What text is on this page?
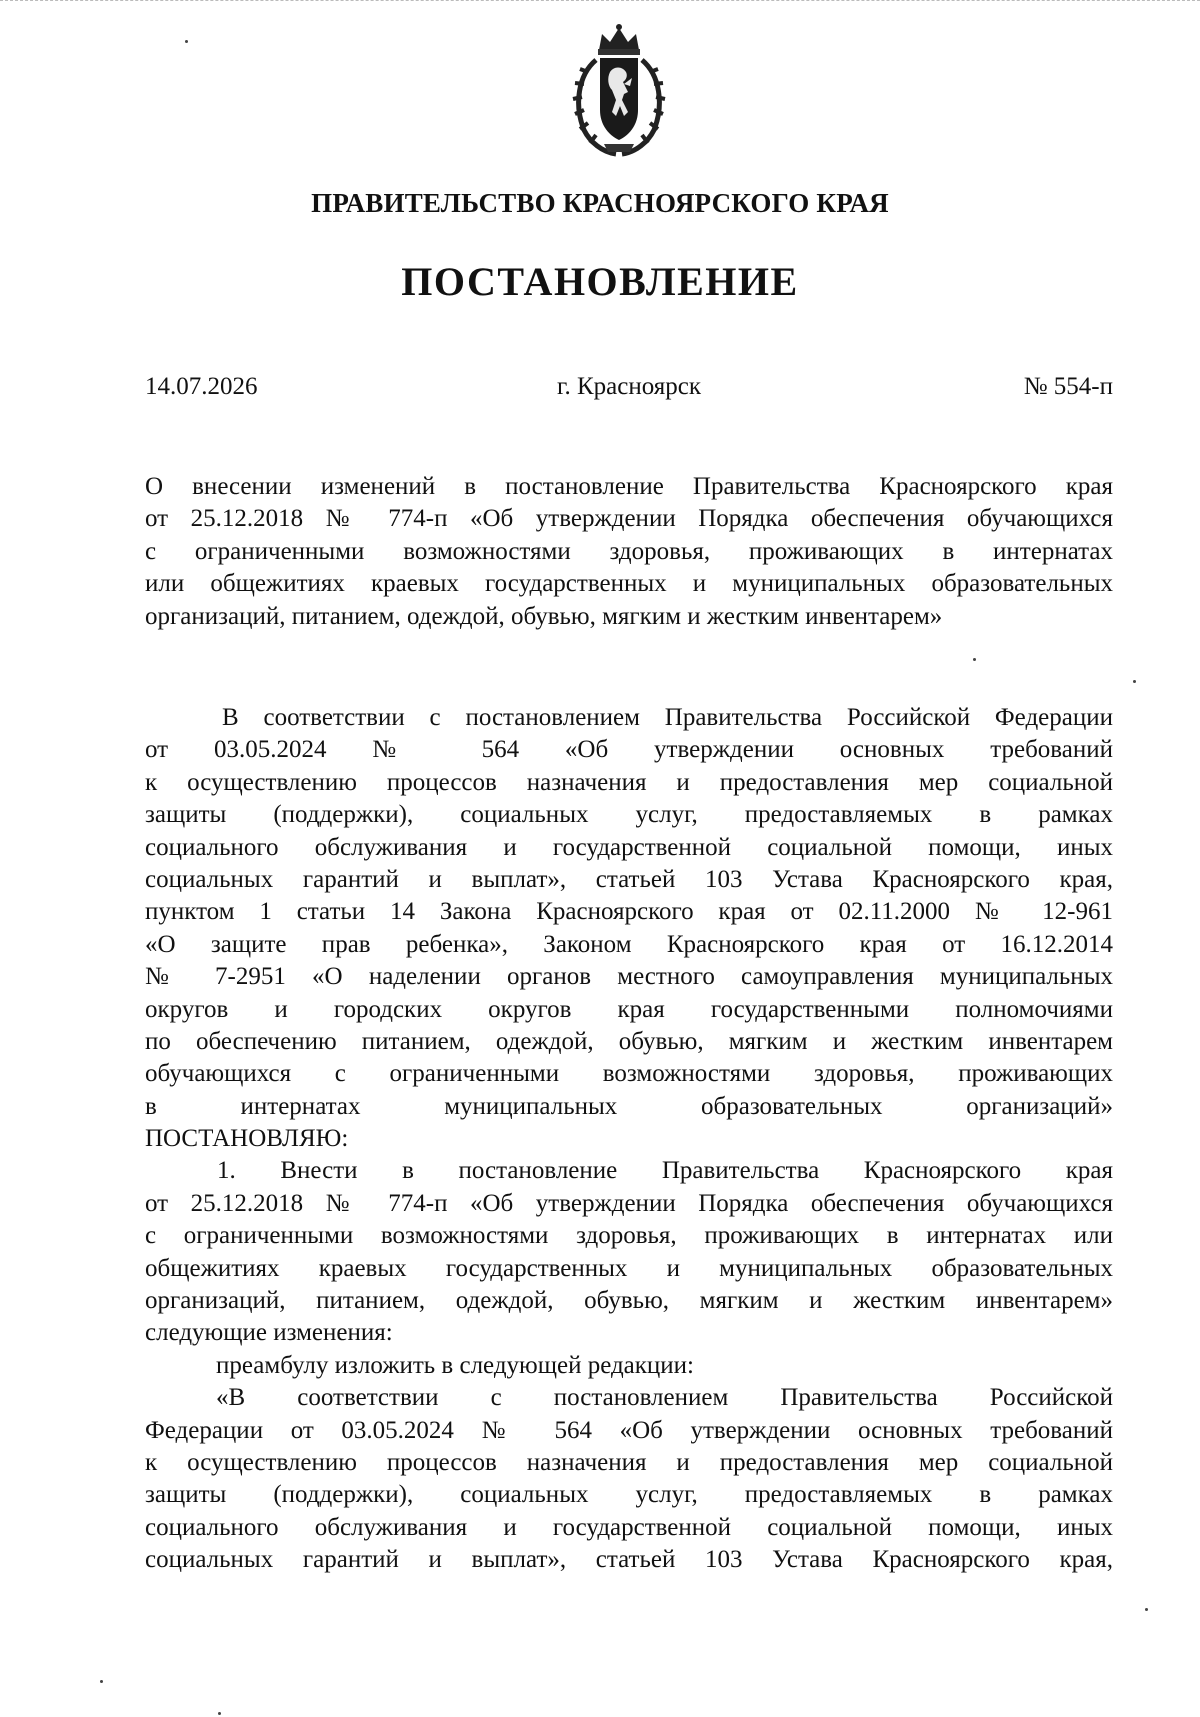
ПРАВИТЕЛЬСТВО КРАСНОЯРСКОГО КРАЯ
ПОСТАНОВЛЕНИЕ
14.07.2026	г. Красноярск	№ 554-п
О внесении изменений в постановление Правительства Красноярского края
от 25.12.2018 № 774-п «Об утверждении Порядка обеспечения обучающихся
с ограниченными возможностями здоровья, проживающих в интернатах
или общежитиях краевых государственных и муниципальных образовательных
организаций, питанием, одеждой, обувью, мягким и жестким инвентарем»
В соответствии с постановлением Правительства Российской Федерации
от 03.05.2024 № 564 «Об утверждении основных требований
к осуществлению процессов назначения и предоставления мер социальной
защиты (поддержки), социальных услуг, предоставляемых в рамках
социального обслуживания и государственной социальной помощи, иных
социальных гарантий и выплат», статьей 103 Устава Красноярского края,
пунктом 1 статьи 14 Закона Красноярского края от 02.11.2000 № 12-961
«О защите прав ребенка», Законом Красноярского края от 16.12.2014
№ 7-2951 «О наделении органов местного самоуправления муниципальных
округов и городских округов края государственными полномочиями
по обеспечению питанием, одеждой, обувью, мягким и жестким инвентарем
обучающихся с ограниченными возможностями здоровья, проживающих
в интернатах муниципальных образовательных организаций»
ПОСТАНОВЛЯЮ:
1. Внести в постановление Правительства Красноярского края
от 25.12.2018 № 774-п «Об утверждении Порядка обеспечения обучающихся
с ограниченными возможностями здоровья, проживающих в интернатах или
общежитиях краевых государственных и муниципальных образовательных
организаций, питанием, одеждой, обувью, мягким и жестким инвентарем»
следующие изменения:
преамбулу изложить в следующей редакции:
«В соответствии с постановлением Правительства Российской
Федерации от 03.05.2024 № 564 «Об утверждении основных требований
к осуществлению процессов назначения и предоставления мер социальной
защиты (поддержки), социальных услуг, предоставляемых в рамках
социального обслуживания и государственной социальной помощи, иных
социальных гарантий и выплат», статьей 103 Устава Красноярского края,
